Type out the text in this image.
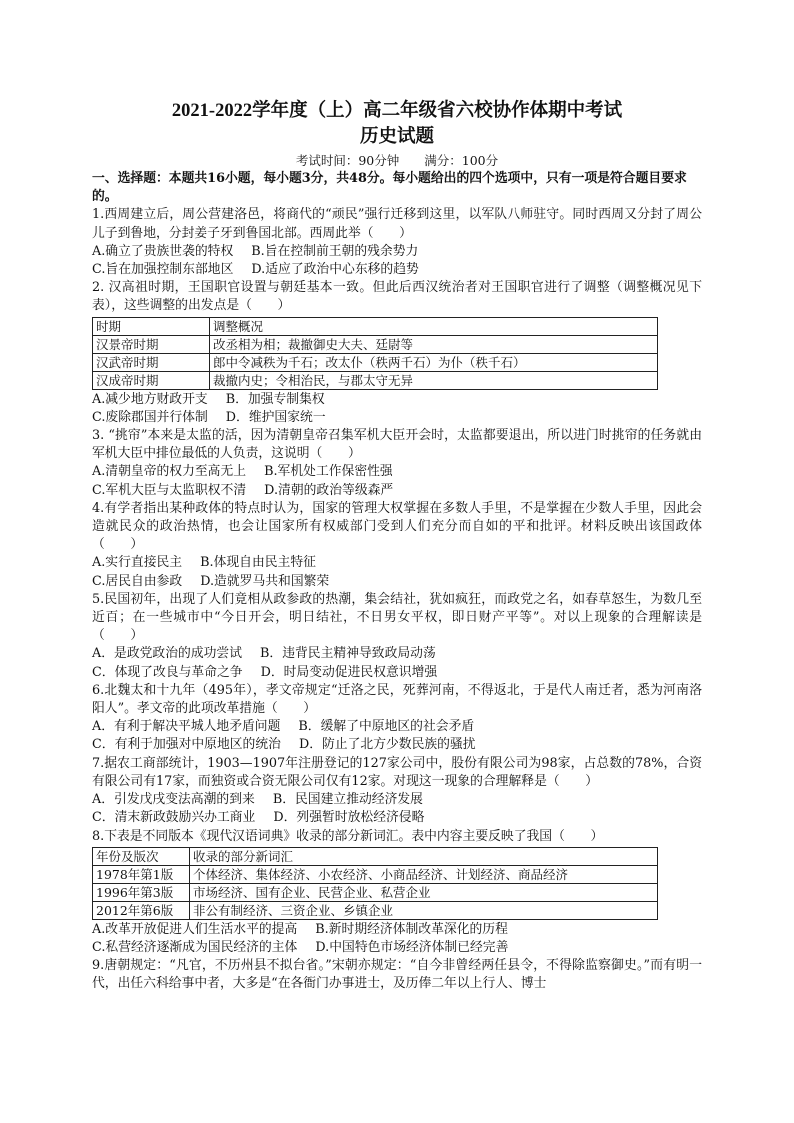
2021-2022学年度（上）高二年级省六校协作体期中考试
历史试题
考试时间：90分钟　　满分：100分

一、选择题：本题共16小题，每小题3分，共48分。每小题给出的四个选项中，只有一项是符合题目要求的。

1.西周建立后，周公营建洛邑，将商代的“顽民”强行迁移到这里，以军队八师驻守。同时西周又分封了周公儿子到鲁地，分封姜子牙到鲁国北部。西周此举（　　）

A.确立了贵族世袭的特权 B.旨在控制前王朝的残余势力
C.旨在加强控制东部地区 D.适应了政治中心东移的趋势

2. 汉高祖时期，王国职官设置与朝廷基本一致。但此后西汉统治者对王国职官进行了调整（调整概况见下表），这些调整的出发点是（　　）

时期	调整概况
汉景帝时期	改丞相为相；裁撤御史大夫、廷尉等
汉武帝时期	郎中令减秩为千石；改太仆（秩两千石）为仆（秩千石）
汉成帝时期	裁撤内史；令相治民，与郡太守无异
A.减少地方财政开支 B．加强专制集权
C.废除郡国并行体制 D．维护国家统一

3. “挑帘”本来是太监的活，因为清朝皇帝召集军机大臣开会时，太监都要退出，所以进门时挑帘的任务就由军机大臣中排位最低的人负责，这说明（　　）

A.清朝皇帝的权力至高无上 B.军机处工作保密性强
C.军机大臣与太监职权不清 D.清朝的政治等级森严

4.有学者指出某种政体的特点时认为，国家的管理大权掌握在多数人手里，不是掌握在少数人手里，因此会造就民众的政治热情，也会让国家所有权威部门受到人们充分而自如的平和批评。材料反映出该国政体（　　）

A.实行直接民主 B.体现自由民主特征
C.居民自由参政 D.造就罗马共和国繁荣

5.民国初年，出现了人们竟相从政参政的热潮，集会结社，犹如疯狂，而政党之名，如春草怒生，为数几至近百；在一些城市中“今日开会，明日结社，不日男女平权，即日财产平等”。对以上现象的合理解读是（　　）

A．是政党政治的成功尝试 B．违背民主精神导致政局动荡
C．体现了改良与革命之争 D．时局变动促进民权意识增强

6.北魏太和十九年（495年），孝文帝规定“迁洛之民，死葬河南，不得返北，于是代人南迁者，悉为河南洛阳人”。孝文帝的此项改革措施（　　）

A．有利于解决平城人地矛盾问题 B．缓解了中原地区的社会矛盾
C．有利于加强对中原地区的统治 D．防止了北方少数民族的骚扰

7.据农工商部统计，1903—1907年注册登记的127家公司中，股份有限公司为98家，占总数的78%，合资有限公司有17家，而独资或合资无限公司仅有12家。对现这一现象的合理解释是（　　）

A．引发戊戌变法高潮的到来 B．民国建立推动经济发展
C．清末新政鼓励兴办工商业 D．列强暂时放松经济侵略

8.下表是不同版本《现代汉语词典》收录的部分新词汇。表中内容主要反映了我国（　　）

年份及版次	收录的部分新词汇
1978年第1版	个体经济、集体经济、小农经济、小商品经济、计划经济、商品经济
1996年第3版	市场经济、国有企业、民营企业、私营企业
2012年第6版	非公有制经济、三资企业、乡镇企业
A.改革开放促进人们生活水平的提高 B.新时期经济体制改革深化的历程
C.私营经济逐渐成为国民经济的主体 D.中国特色市场经济体制已经完善

9.唐朝规定：“凡官，不历州县不拟台省。”宋朝亦规定：“自今非曾经两任县令，不得除监察御史。”而有明一代，出任六科给事中者，大多是“在各衙门办事进士，及历俸二年以上行人、博士
